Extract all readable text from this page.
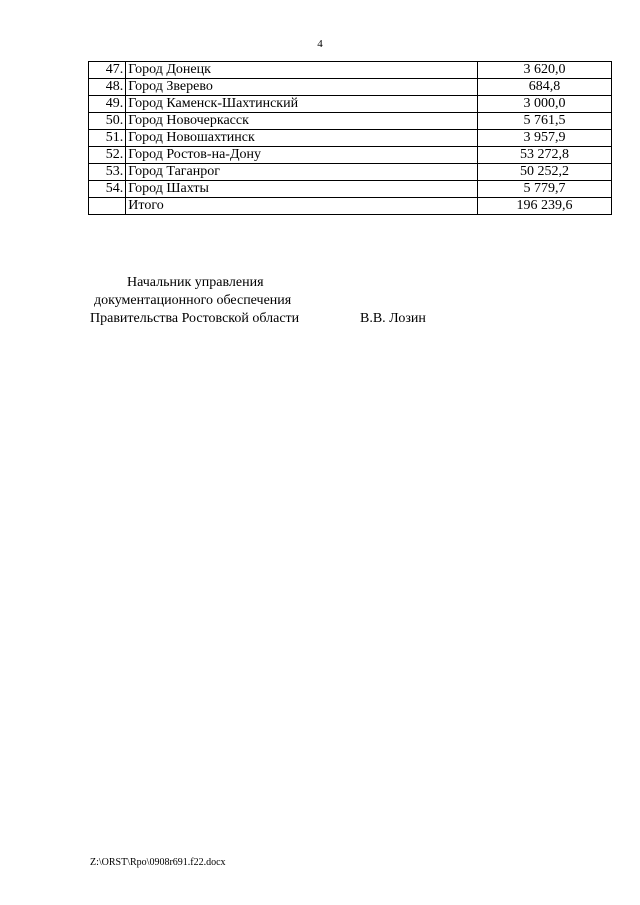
4
47.	Город Донецк	3 620,0
48.	Город Зверево	684,8
49.	Город Каменск-Шахтинский	3 000,0
50.	Город Новочеркасск	5 761,5
51.	Город Новошахтинск	3 957,9
52.	Город Ростов-на-Дону	53 272,8
53.	Город Таганрог	50 252,2
54.	Город Шахты	5 779,7
	Итого	196 239,6
Начальник управления
документационного обеспечения
Правительства Ростовской области	В.В. Лозин
Z:\ORST\Rpo\0908r691.f22.docx
